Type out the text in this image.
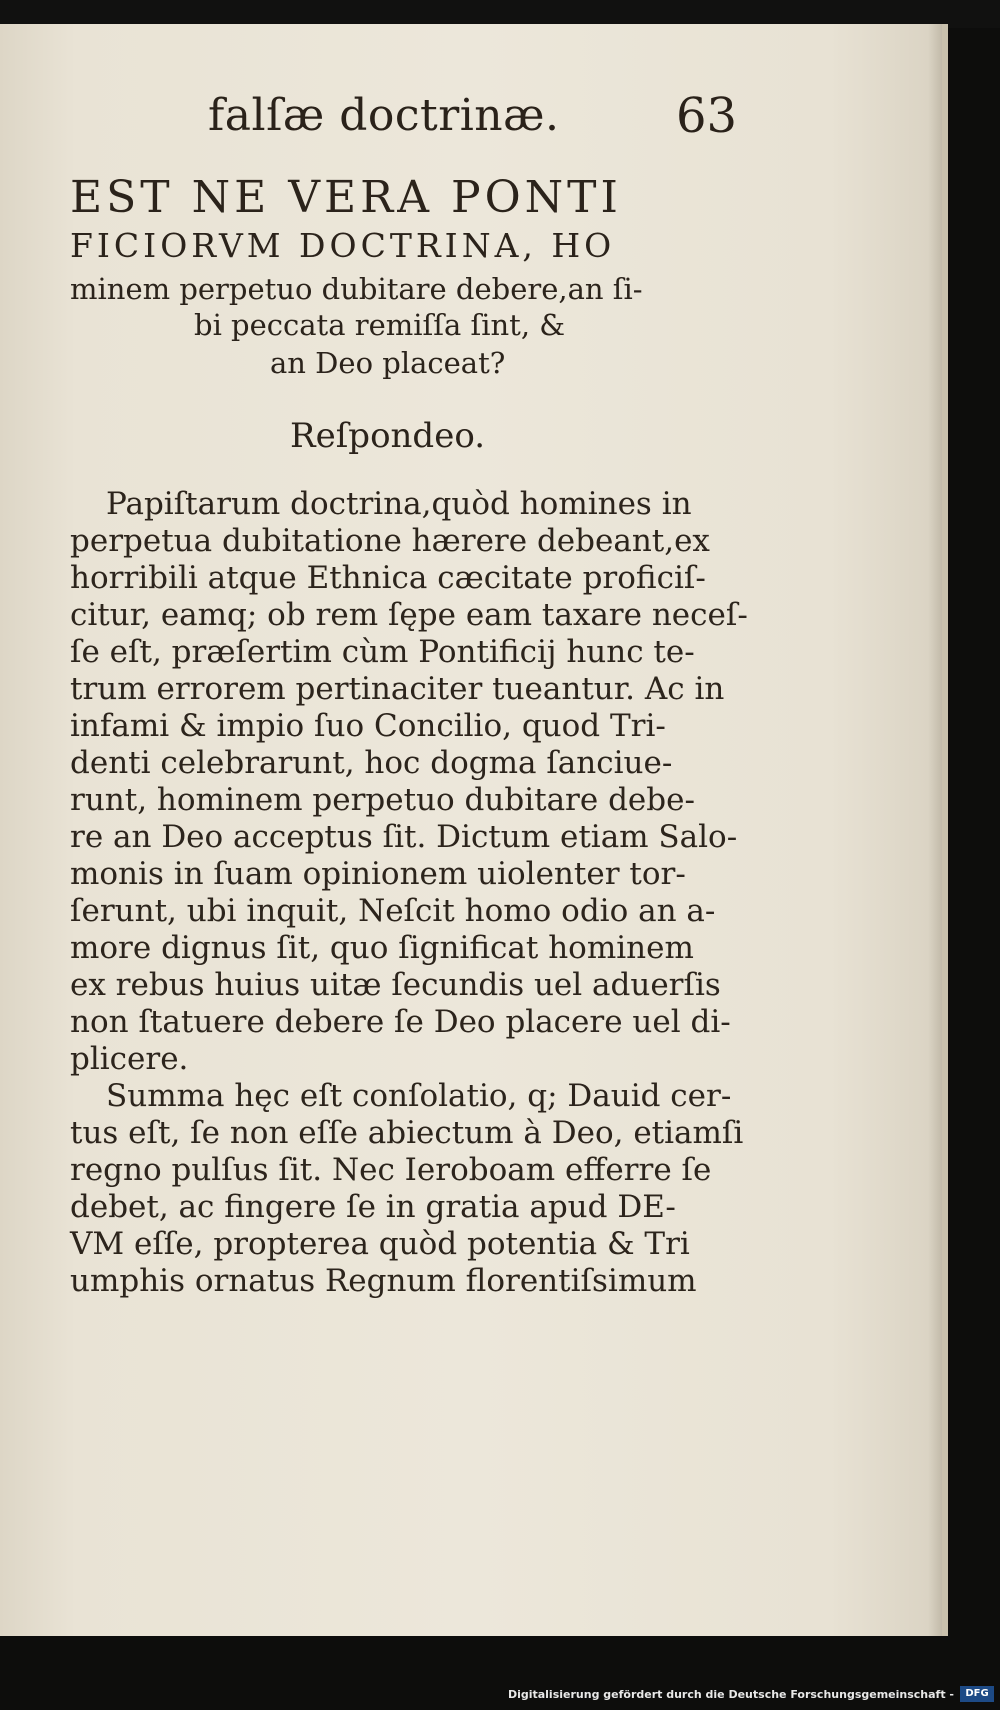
falſæ doctrinæ. 63
EST NE VERA PONTI
FICIORVM DOCTRINA, HO
minem perpetuo dubitare debere,an ſi-
bi peccata remiſſa ſint, &
an Deo placeat?
Reſpondeo.
Papiſtarum doctrina,quòd homines in
perpetua dubitatione hærere debeant,ex
horribili atque Ethnica cæcitate proficiſ-
citur, eamq; ob rem ſępe eam taxare neceſ-
ſe eſt, præſertim cùm Pontificij hunc te-
trum errorem pertinaciter tueantur. Ac in
infami & impio ſuo Concilio, quod Tri-
denti celebrarunt, hoc dogma ſanciue-
runt, hominem perpetuo dubitare debe-
re an Deo acceptus ſit. Dictum etiam Salo-
monis in ſuam opinionem uiolenter tor-
ſerunt, ubi inquit, Neſcit homo odio an a-
more dignus ſit, quo ſignificat hominem
ex rebus huius uitæ ſecundis uel aduerſis
non ſtatuere debere ſe Deo placere uel di-
plicere.
Summa hęc eſt conſolatio, q; Dauid cer-
tus eſt, ſe non eſſe abiectum à Deo, etiamſi
regno pulſus ſit. Nec Ieroboam efferre ſe
debet, ac fingere ſe in gratia apud DE-
VM eſſe, propterea quòd potentia & Tri
umphis ornatus Regnum florentiſsimum
Digitalisierung gefördert durch die Deutsche Forschungsgemeinschaft -	DFG
